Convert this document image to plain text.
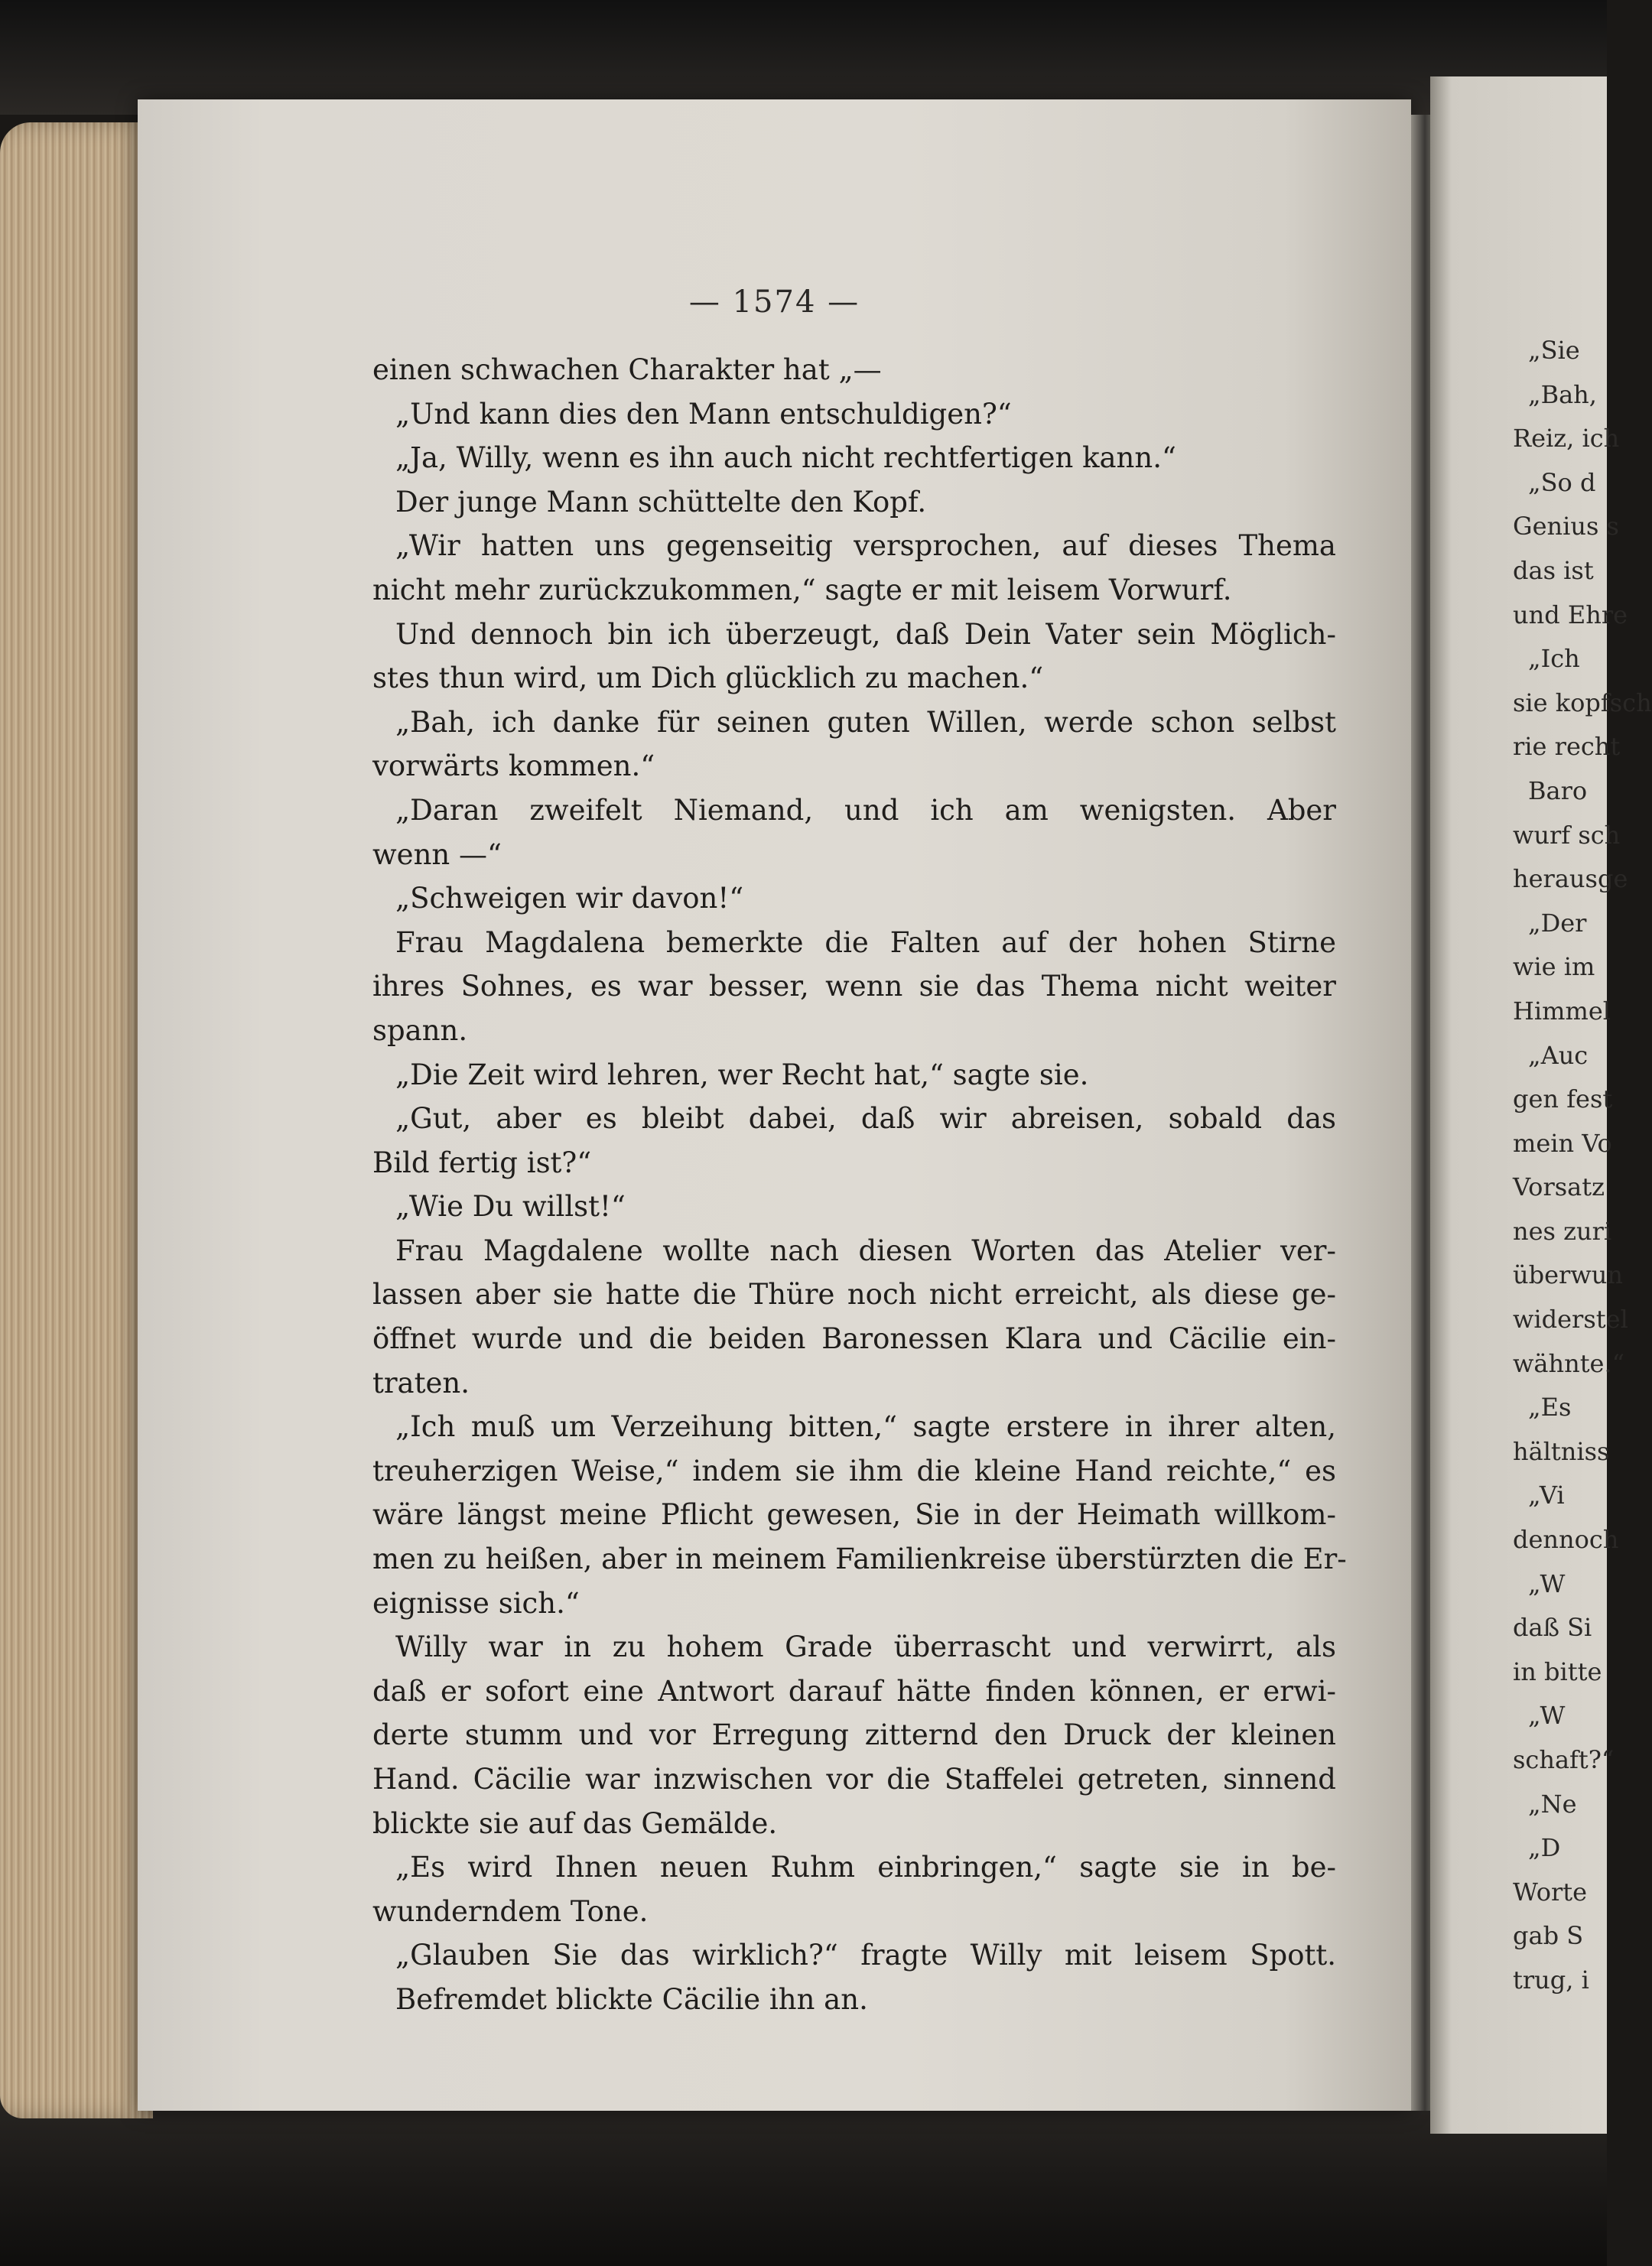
— 1574 —
einen schwachen Charakter hat „—
„Und kann dies den Mann entschuldigen?“
„Ja, Willy, wenn es ihn auch nicht rechtfertigen kann.“
Der junge Mann schüttelte den Kopf.
„Wir hatten uns gegenseitig versprochen, auf dieses Thema
nicht mehr zurückzukommen,“ sagte er mit leisem Vorwurf.
Und dennoch bin ich überzeugt, daß Dein Vater sein Möglich-
stes thun wird, um Dich glücklich zu machen.“
„Bah, ich danke für seinen guten Willen, werde schon selbst
vorwärts kommen.“
„Daran zweifelt Niemand, und ich am wenigsten. Aber
wenn —“
„Schweigen wir davon!“
Frau Magdalena bemerkte die Falten auf der hohen Stirne
ihres Sohnes, es war besser, wenn sie das Thema nicht weiter
spann.
„Die Zeit wird lehren, wer Recht hat,“ sagte sie.
„Gut, aber es bleibt dabei, daß wir abreisen, sobald das
Bild fertig ist?“
„Wie Du willst!“
Frau Magdalene wollte nach diesen Worten das Atelier ver-
lassen aber sie hatte die Thüre noch nicht erreicht, als diese ge-
öffnet wurde und die beiden Baronessen Klara und Cäcilie ein-
traten.
„Ich muß um Verzeihung bitten,“ sagte erstere in ihrer alten,
treuherzigen Weise,“ indem sie ihm die kleine Hand reichte,“ es
wäre längst meine Pflicht gewesen, Sie in der Heimath willkom-
men zu heißen, aber in meinem Familienkreise überstürzten die Er-
eignisse sich.“
Willy war in zu hohem Grade überrascht und verwirrt, als
daß er sofort eine Antwort darauf hätte finden können, er erwi-
derte stumm und vor Erregung zitternd den Druck der kleinen
Hand. Cäcilie war inzwischen vor die Staffelei getreten, sinnend
blickte sie auf das Gemälde.
„Es wird Ihnen neuen Ruhm einbringen,“ sagte sie in be-
wunderndem Tone.
„Glauben Sie das wirklich?“ fragte Willy mit leisem Spott.
Befremdet blickte Cäcilie ihn an.
„Sie
„Bah,
Reiz, ich
„So d
Genius s
das ist
und Ehre
„Ich
sie kopfsch
rie recht
Baro
wurf sch
herausge
„Der
wie im
Himmel
„Auc
gen fest
mein Vo
Vorsatz
nes zuri
überwun
widerstel
wähnte.“
„Es
hältniss
„Vi
dennoch
„W
daß Si
in bitte
„W
schaft?“
„Ne
„D
Worte
gab S
trug, i
